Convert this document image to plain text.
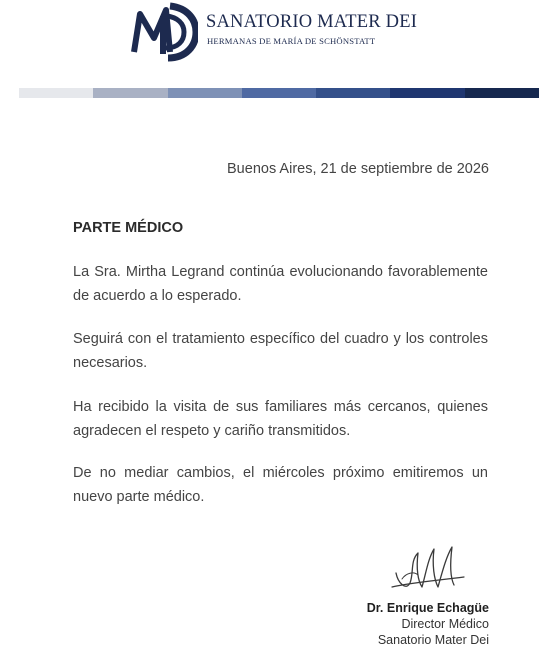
SANATORIO MATER DEI
HERMANAS DE MARÍA DE SCHÖNSTATT
Buenos Aires, 21 de septiembre de 2026
PARTE MÉDICO
La Sra. Mirtha Legrand continúa evolucionando favorablemente de acuerdo a lo esperado.
Seguirá con el tratamiento específico del cuadro y los controles necesarios.
Ha recibido la visita de sus familiares más cercanos, quienes agradecen el respeto y cariño transmitidos.
De no mediar cambios, el miércoles próximo emitiremos un nuevo parte médico.
Dr. Enrique Echagüe
Director Médico
Sanatorio Mater Dei
